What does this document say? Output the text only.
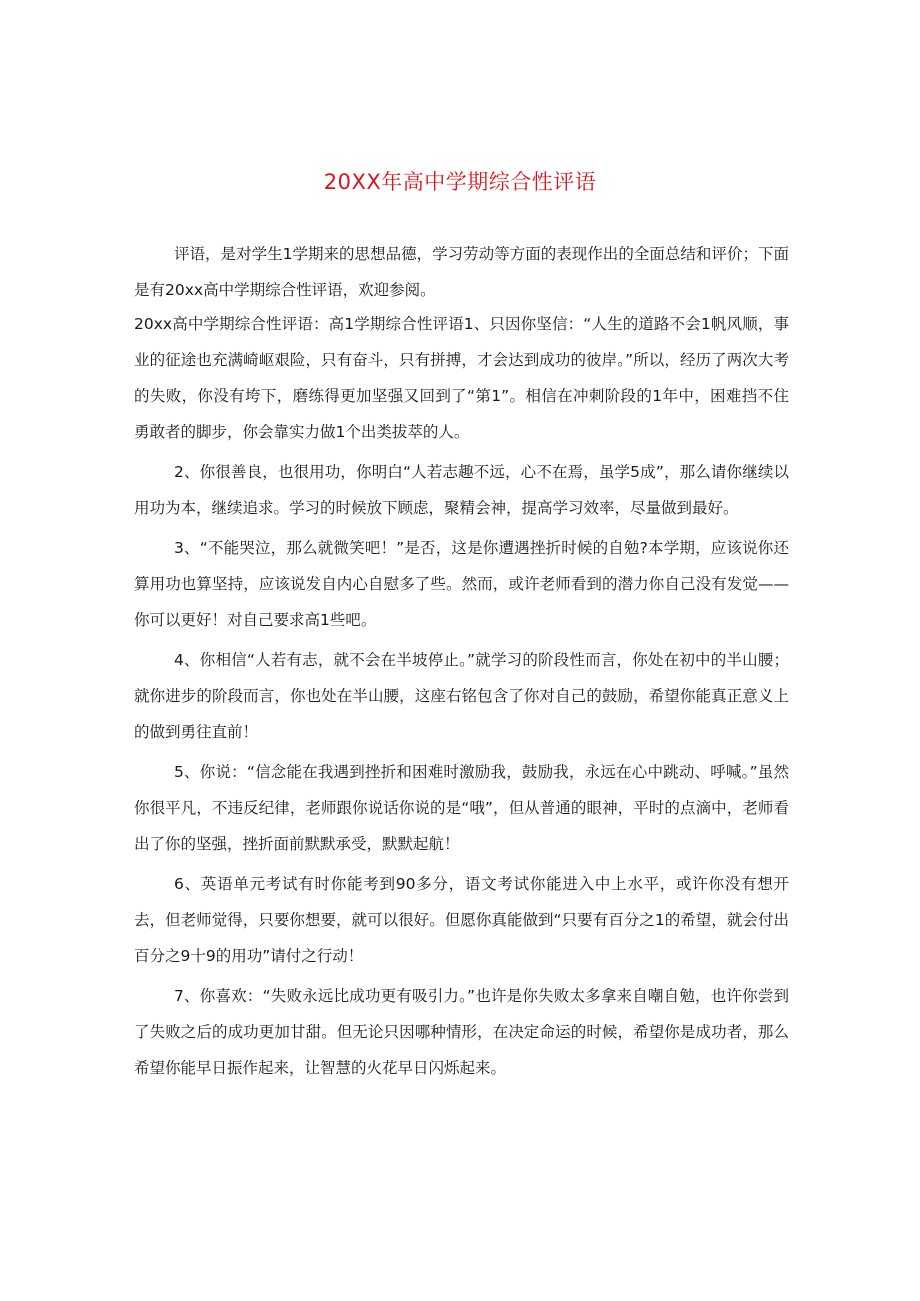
20XX年高中学期综合性评语

评语，是对学生1学期来的思想品德，学习劳动等方面的表现作出的全面总结和评价；下面是有20xx高中学期综合性评语，欢迎参阅。

20xx高中学期综合性评语：高1学期综合性评语1、只因你坚信：“人生的道路不会1帆风顺，事业的征途也充满崎岖艰险，只有奋斗，只有拼搏，才会达到成功的彼岸。”所以，经历了两次大考的失败，你没有垮下，磨练得更加坚强又回到了“第1”。相信在冲刺阶段的1年中，困难挡不住勇敢者的脚步，你会靠实力做1个出类拔萃的人。

2、你很善良，也很用功，你明白“人若志趣不远，心不在焉，虽学5成”，那么请你继续以用功为本，继续追求。学习的时候放下顾虑，聚精会神，提高学习效率，尽量做到最好。

3、“不能哭泣，那么就微笑吧！”是否，这是你遭遇挫折时候的自勉?本学期，应该说你还算用功也算坚持，应该说发自内心自慰多了些。然而，或许老师看到的潜力你自己没有发觉——你可以更好！对自己要求高1些吧。

4、你相信“人若有志，就不会在半坡停止。”就学习的阶段性而言，你处在初中的半山腰；就你进步的阶段而言，你也处在半山腰，这座右铭包含了你对自己的鼓励，希望你能真正意义上的做到勇往直前！

5、你说：“信念能在我遇到挫折和困难时激励我，鼓励我，永远在心中跳动、呼喊。”虽然你很平凡，不违反纪律，老师跟你说话你说的是“哦”，但从普通的眼神，平时的点滴中，老师看出了你的坚强，挫折面前默默承受，默默起航！

6、英语单元考试有时你能考到90多分，语文考试你能进入中上水平，或许你没有想开去，但老师觉得，只要你想要，就可以很好。但愿你真能做到“只要有百分之1的希望，就会付出百分之9十9的用功”请付之行动！

7、你喜欢：“失败永远比成功更有吸引力。”也许是你失败太多拿来自嘲自勉，也许你尝到了失败之后的成功更加甘甜。但无论只因哪种情形，在决定命运的时候，希望你是成功者，那么希望你能早日振作起来，让智慧的火花早日闪烁起来。
